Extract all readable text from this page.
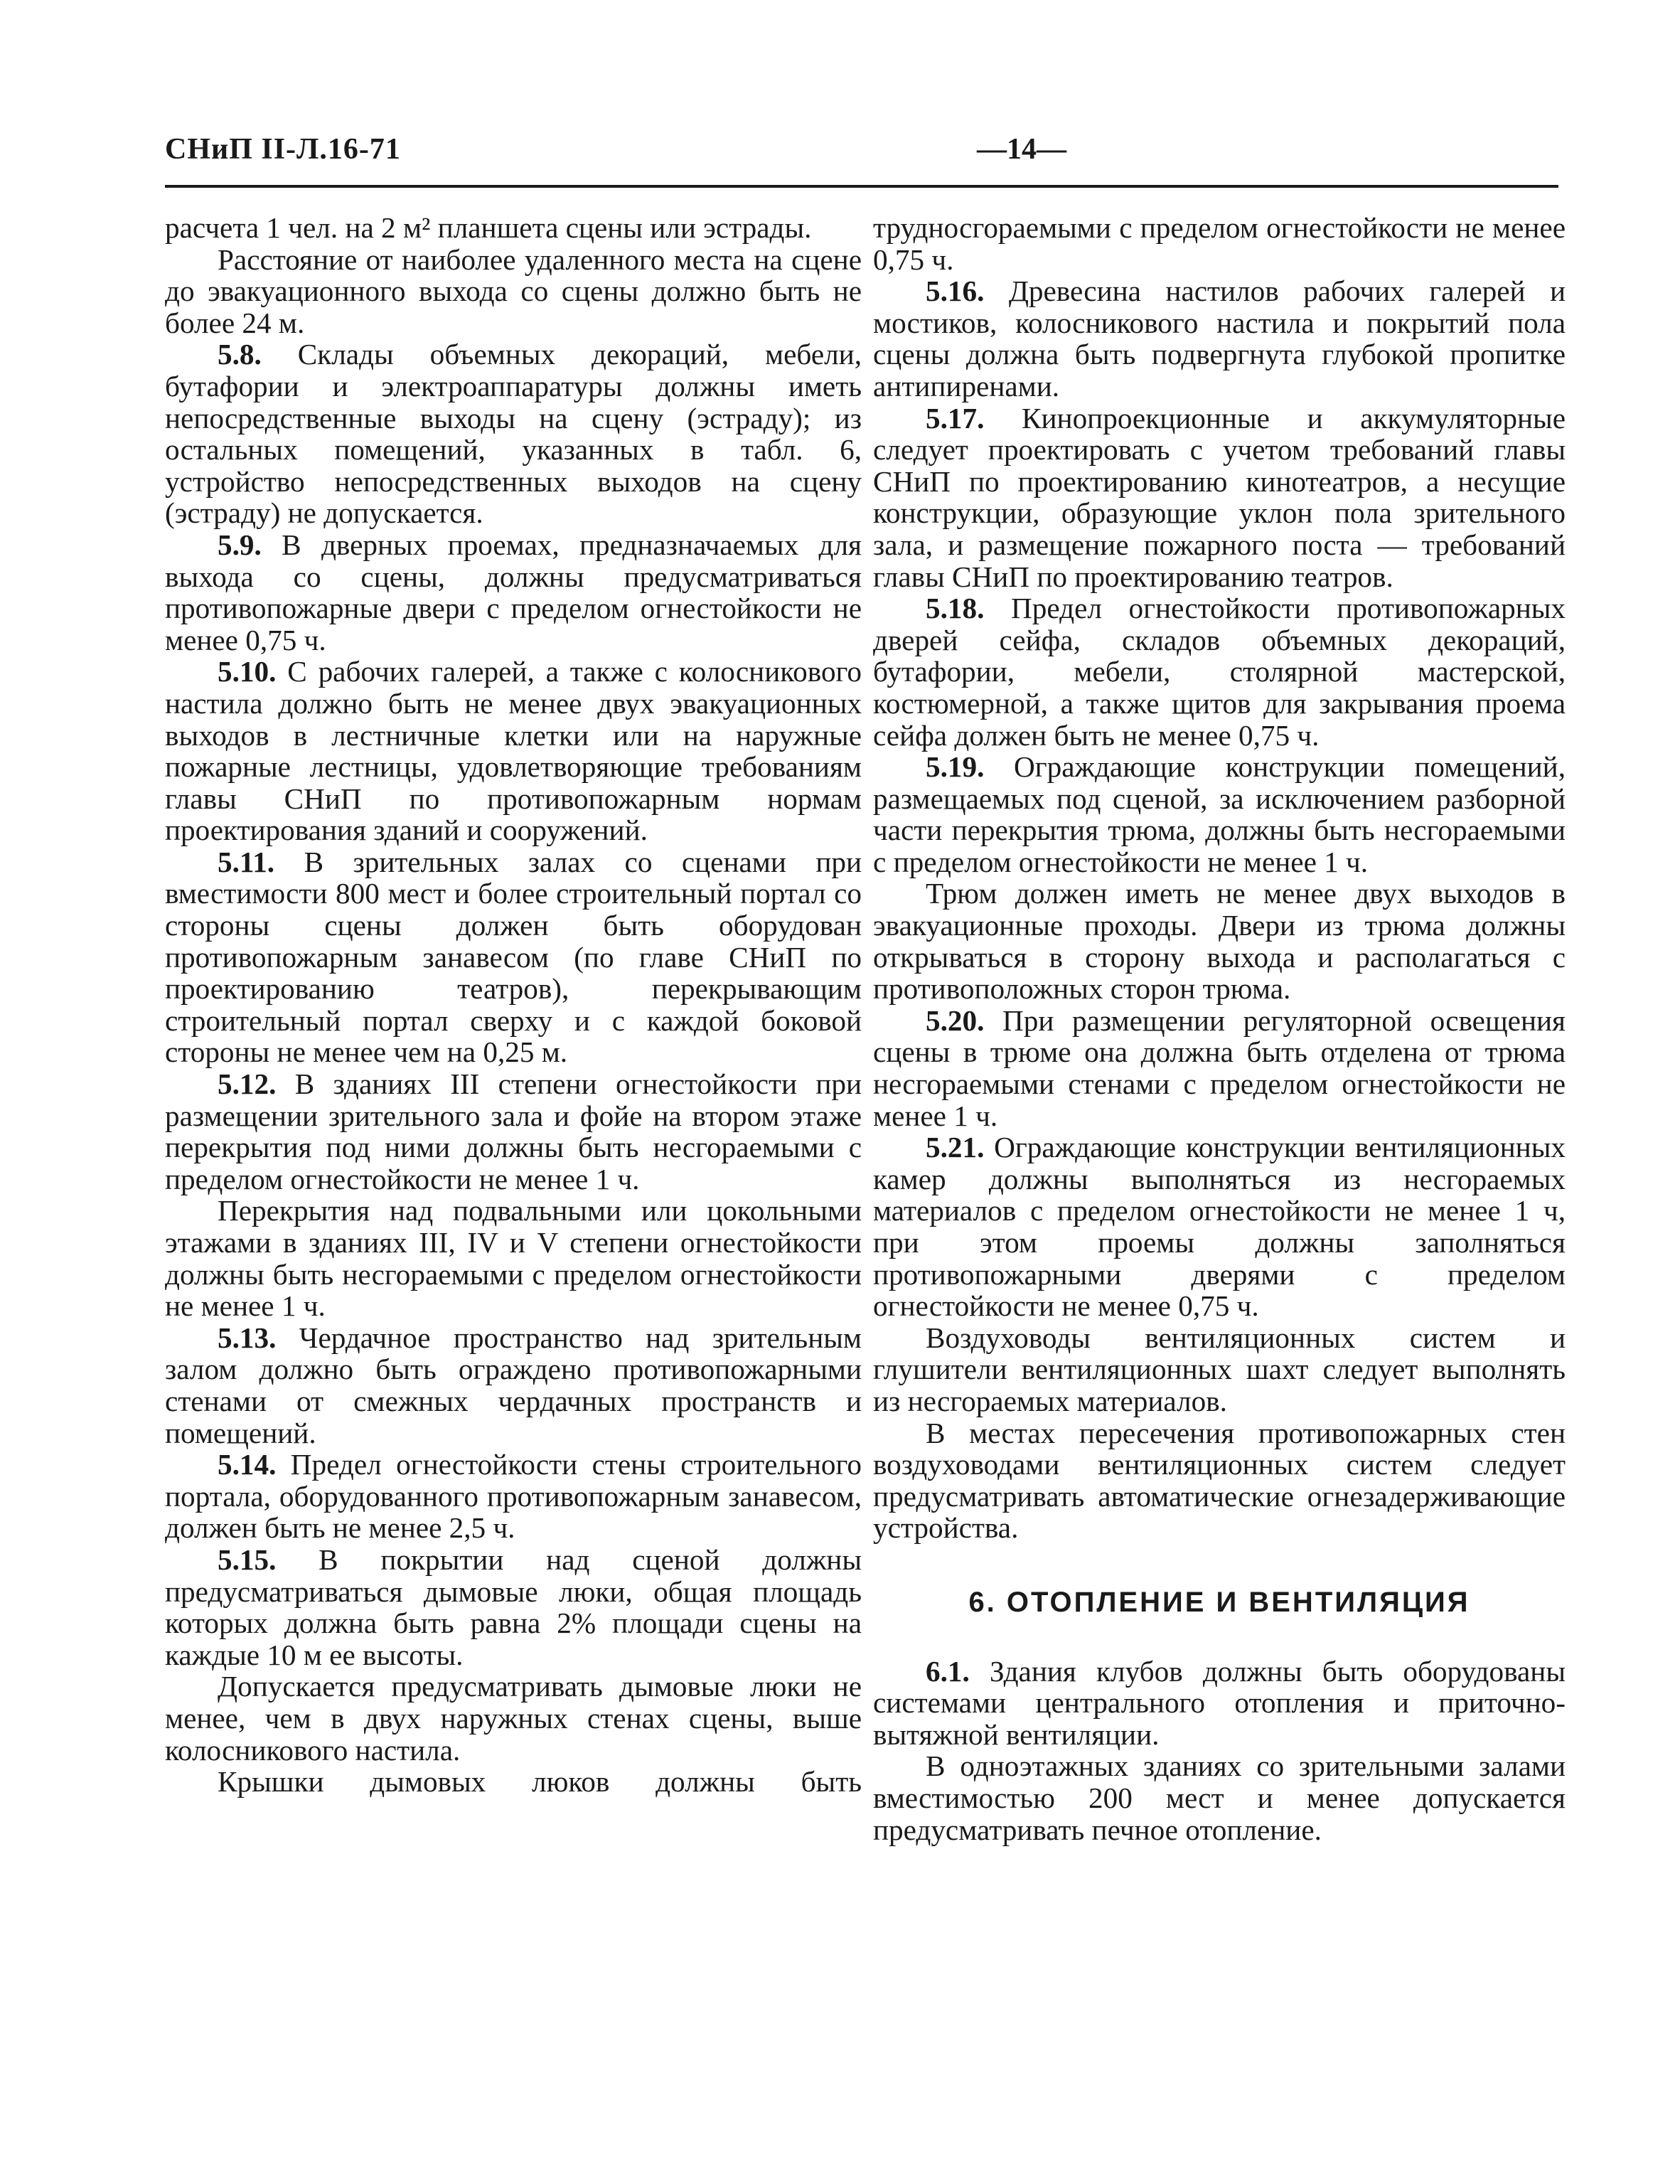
СНиП II-Л.16-71	—14—

расчета 1 чел. на 2 м² планшета сцены или эстрады.

Расстояние от наиболее удаленного места на сцене до эвакуационного выхода со сцены должно быть не более 24 м.

5.8. Склады объемных декораций, мебели, бутафории и электроаппаратуры должны иметь непосредственные выходы на сцену (эстраду); из остальных помещений, указанных в табл. 6, устройство непосредственных выходов на сцену (эстраду) не допускается.

5.9. В дверных проемах, предназначаемых для выхода со сцены, должны предусматриваться противопожарные двери с пределом огнестойкости не менее 0,75 ч.

5.10. С рабочих галерей, а также с колосникового настила должно быть не менее двух эвакуационных выходов в лестничные клетки или на наружные пожарные лестницы, удовлетворяющие требованиям главы СНиП по противопожарным нормам проектирования зданий и сооружений.

5.11. В зрительных залах со сценами при вместимости 800 мест и более строительный портал со стороны сцены должен быть оборудован противопожарным занавесом (по главе СНиП по проектированию театров), перекрывающим строительный портал сверху и с каждой боковой стороны не менее чем на 0,25 м.

5.12. В зданиях III степени огнестойкости при размещении зрительного зала и фойе на втором этаже перекрытия под ними должны быть несгораемыми с пределом огнестойкости не менее 1 ч.

Перекрытия над подвальными или цокольными этажами в зданиях III, IV и V степени огнестойкости должны быть несгораемыми с пределом огнестойкости не менее 1 ч.

5.13. Чердачное пространство над зрительным залом должно быть ограждено противопожарными стенами от смежных чердачных пространств и помещений.

5.14. Предел огнестойкости стены строительного портала, оборудованного противопожарным занавесом, должен быть не менее 2,5 ч.

5.15. В покрытии над сценой должны предусматриваться дымовые люки, общая площадь которых должна быть равна 2% площади сцены на каждые 10 м ее высоты.

Допускается предусматривать дымовые люки не менее, чем в двух наружных стенах сцены, выше колосникового настила.

Крышки дымовых люков должны быть

трудносгораемыми с пределом огнестойкости не менее 0,75 ч.

5.16. Древесина настилов рабочих галерей и мостиков, колосникового настила и покрытий пола сцены должна быть подвергнута глубокой пропитке антипиренами.

5.17. Кинопроекционные и аккумуляторные следует проектировать с учетом требований главы СНиП по проектированию кинотеатров, а несущие конструкции, образующие уклон пола зрительного зала, и размещение пожарного поста — требований главы СНиП по проектированию театров.

5.18. Предел огнестойкости противопожарных дверей сейфа, складов объемных декораций, бутафории, мебели, столярной мастерской, костюмерной, а также щитов для закрывания проема сейфа должен быть не менее 0,75 ч.

5.19. Ограждающие конструкции помещений, размещаемых под сценой, за исключением разборной части перекрытия трюма, должны быть несгораемыми с пределом огнестойкости не менее 1 ч.

Трюм должен иметь не менее двух выходов в эвакуационные проходы. Двери из трюма должны открываться в сторону выхода и располагаться с противоположных сторон трюма.

5.20. При размещении регуляторной освещения сцены в трюме она должна быть отделена от трюма несгораемыми стенами с пределом огнестойкости не менее 1 ч.

5.21. Ограждающие конструкции вентиляционных камер должны выполняться из несгораемых материалов с пределом огнестойкости не менее 1 ч, при этом проемы должны заполняться противопожарными дверями с пределом огнестойкости не менее 0,75 ч.

Воздуховоды вентиляционных систем и глушители вентиляционных шахт следует выполнять из несгораемых материалов.

В местах пересечения противопожарных стен воздуховодами вентиляционных систем следует предусматривать автоматические огнезадерживающие устройства.

6. ОТОПЛЕНИЕ И ВЕНТИЛЯЦИЯ

6.1. Здания клубов должны быть оборудованы системами центрального отопления и приточно-вытяжной вентиляции.

В одноэтажных зданиях со зрительными залами вместимостью 200 мест и менее допускается предусматривать печное отопление.
